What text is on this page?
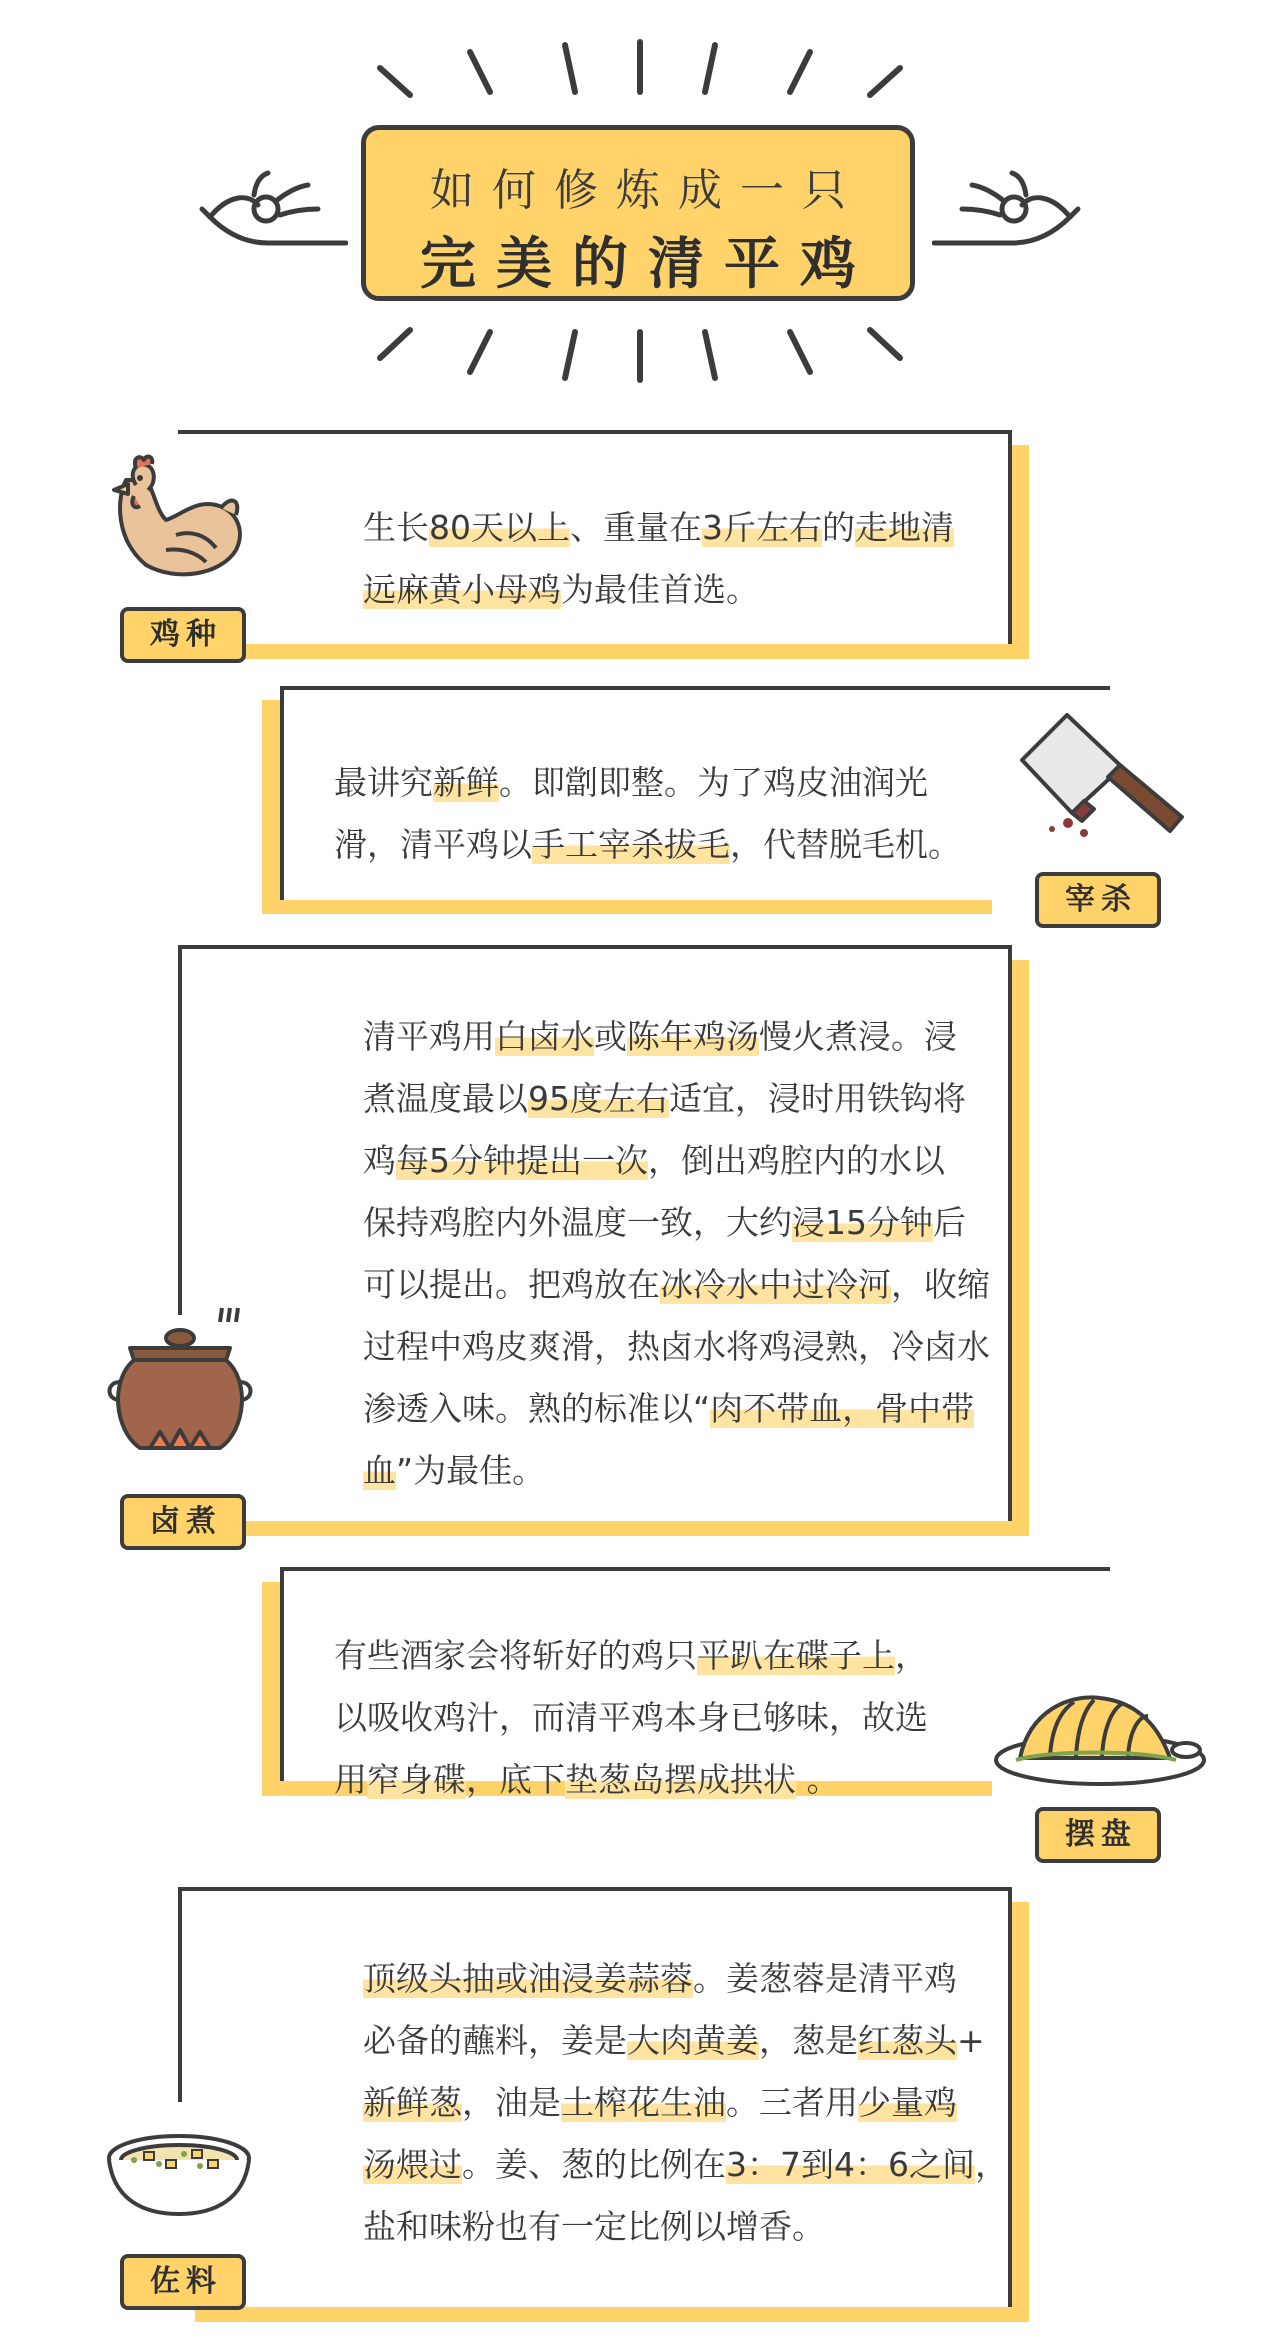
如何修炼成一只
完美的清平鸡
生长80天以上、重量在3斤左右的走地清
远麻黄小母鸡为最佳首选。
鸡种
最讲究新鲜。即劏即整。为了鸡皮油润光
滑，清平鸡以手工宰杀拔毛，代替脱毛机。
宰杀
清平鸡用白卤水或陈年鸡汤慢火煮浸。浸
煮温度最以95度左右适宜，浸时用铁钩将
鸡每5分钟提出一次，倒出鸡腔内的水以
保持鸡腔内外温度一致，大约浸15分钟后
可以提出。把鸡放在冰冷水中过冷河，收缩
过程中鸡皮爽滑，热卤水将鸡浸熟，冷卤水
渗透入味。熟的标准以“肉不带血，骨中带
血”为最佳。
卤煮
有些酒家会将斩好的鸡只平趴在碟子上，
以吸收鸡汁，而清平鸡本身已够味，故选
用窄身碟，底下垫葱岛摆成拱状 。
摆盘
顶级头抽或油浸姜蒜蓉。姜葱蓉是清平鸡
必备的蘸料，姜是大肉黄姜，葱是红葱头+
新鲜葱，油是土榨花生油。三者用少量鸡
汤煨过。姜、葱的比例在3：7到4：6之间，
盐和味粉也有一定比例以增香。
佐料
